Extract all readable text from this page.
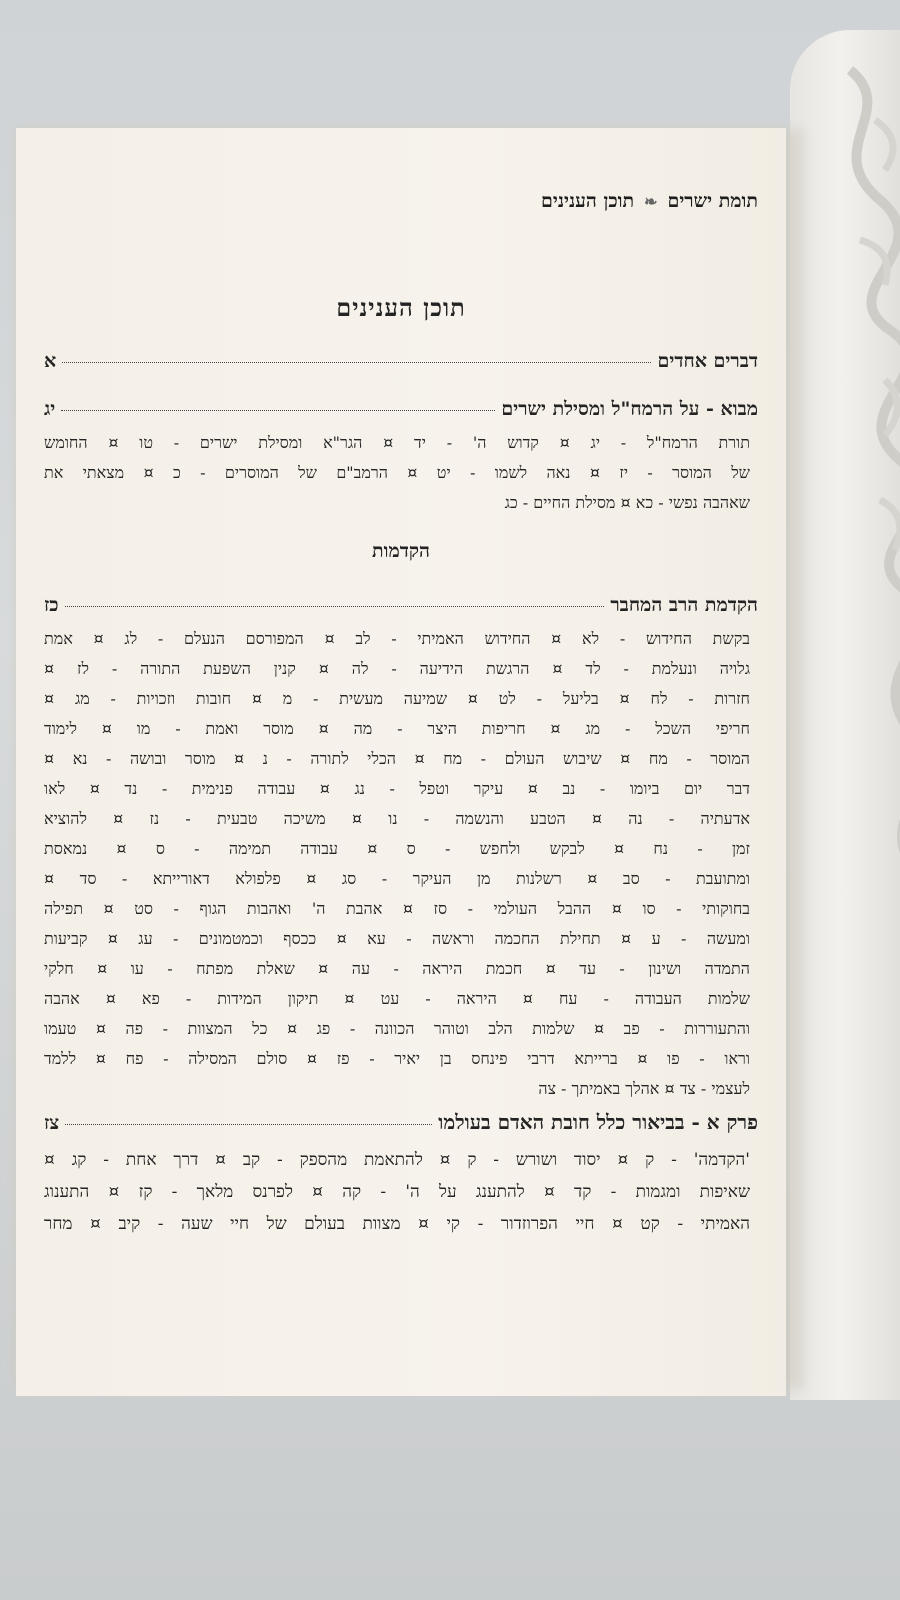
תומת ישרים
❧
תוכן הענינים
תוכן הענינים
דברים אחדים
א
מבוא - על הרמח"ל ומסילת ישרים
יג

תורת הרמח"ל - יג ¤ קדוש ה' - יד ¤ הגר"א ומסילת ישרים - טו ¤ החומש

של המוסר - יז ¤ נאה לשמו - יט ¤ הרמב"ם של המוסרים - כ ¤ מצאתי את

שאהבה נפשי - כא ¤ מסילת החיים - כג

הקדמות
הקדמת הרב המחבר
כז

בקשת החידוש - לא ¤ החידוש האמיתי - לב ¤ המפורסם הנעלם - לג ¤ אמת

גלויה ונעלמת - לד ¤ הרגשת הידיעה - לה ¤ קנין השפעת התורה - לז ¤

חזרות - לח ¤ בליעל - לט ¤ שמיעה מעשית - מ ¤ חובות וזכויות - מג ¤

חריפי השכל - מג ¤ חריפות היצר - מה ¤ מוסר ואמת - מו ¤ לימוד

המוסר - מח ¤ שיבוש העולם - מח ¤ הכלי לתורה - נ ¤ מוסר ובושה - נא ¤

דבר יום ביומו - נב ¤ עיקר וטפל - נג ¤ עבודה פנימית - נד ¤ לאו

אדעתיה - נה ¤ הטבע והנשמה - נו ¤ משיכה טבעית - נז ¤ להוציא

זמן - נח ¤ לבקש ולחפש - ס ¤ עבודה תמימה - ס ¤ נמאסת

ומתועבת - סב ¤ רשלנות מן העיקר - סג ¤ פלפולא דאורייתא - סד ¤

בחוקותי - סו ¤ ההבל העולמי - סז ¤ אהבת ה' ואהבות הגוף - סט ¤ תפילה

ומעשה - ע ¤ תחילת החכמה וראשה - עא ¤ ככסף וכמטמונים - עג ¤ קביעות

התמדה ושינון - עד ¤ חכמת היראה - עה ¤ שאלת מפתח - עו ¤ חלקי

שלמות העבודה - עח ¤ היראה - עט ¤ תיקון המידות - פא ¤ אהבה

והתעוררות - פב ¤ שלמות הלב וטוהר הכוונה - פג ¤ כל המצוות - פה ¤ טעמו

וראו - פו ¤ ברייתא דרבי פינחס בן יאיר - פז ¤ סולם המסילה - פח ¤ ללמד

לעצמי - צד ¤ אהלך באמיתך - צה

פרק א - בביאור כלל חובת האדם בעולמו
צז

'הקדמה' - ק ¤ יסוד ושורש - ק ¤ להתאמת מהספק - קב ¤ דרך אחת - קג ¤

שאיפות ומגמות - קד ¤ להתענג על ה' - קה ¤ לפרנס מלאך - קז ¤ התענוג

האמיתי - קט ¤ חיי הפרוזדור - קי ¤ מצוות בעולם של חיי שעה - קיב ¤ מחר
